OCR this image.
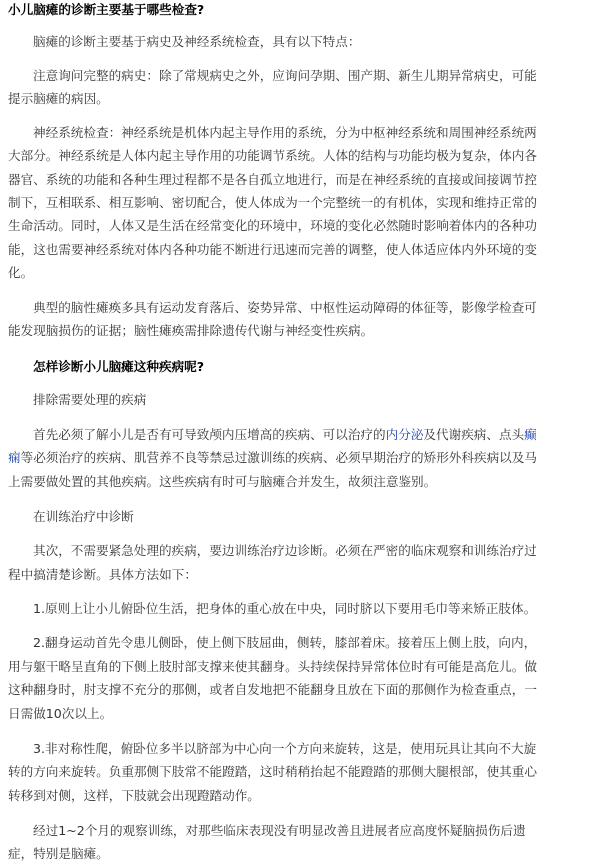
小儿脑瘫的诊断主要基于哪些检查?
脑瘫的诊断主要基于病史及神经系统检查，具有以下特点：
注意询问完整的病史：除了常规病史之外，应询问孕期、围产期、新生儿期异常病史，可能
提示脑瘫的病因。
神经系统检查：神经系统是机体内起主导作用的系统，分为中枢神经系统和周围神经系统两
大部分。神经系统是人体内起主导作用的功能调节系统。人体的结构与功能均极为复杂，体内各
器官、系统的功能和各种生理过程都不是各自孤立地进行，而是在神经系统的直接或间接调节控
制下，互相联系、相互影响、密切配合，使人体成为一个完整统一的有机体，实现和维持正常的
生命活动。同时，人体又是生活在经常变化的环境中，环境的变化必然随时影响着体内的各种功
能，这也需要神经系统对体内各种功能不断进行迅速而完善的调整，使人体适应体内外环境的变
化。
典型的脑性瘫痪多具有运动发育落后、姿势异常、中枢性运动障碍的体征等，影像学检查可
能发现脑损伤的证据；脑性瘫痪需排除遗传代谢与神经变性疾病。
怎样诊断小儿脑瘫这种疾病呢?
排除需要处理的疾病
首先必须了解小儿是否有可导致颅内压增高的疾病、可以治疗的内分泌及代谢疾病、点头癫
痫等必须治疗的疾病、肌营养不良等禁忌过激训练的疾病、必须早期治疗的矫形外科疾病以及马
上需要做处置的其他疾病。这些疾病有时可与脑瘫合并发生，故须注意鉴别。
在训练治疗中诊断
其次，不需要紧急处理的疾病，要边训练治疗边诊断。必须在严密的临床观察和训练治疗过
程中搞清楚诊断。具体方法如下：
1.原则上让小儿俯卧位生活，把身体的重心放在中央，同时脐以下要用毛巾等来矫正肢体。
2.翻身运动首先令患儿侧卧，使上侧下肢屈曲，侧转，膝部着床。接着压上侧上肢，向内，
用与躯干略呈直角的下侧上肢肘部支撑来使其翻身。头持续保持异常体位时有可能是高危儿。做
这种翻身时，肘支撑不充分的那侧，或者自发地把不能翻身且放在下面的那侧作为检查重点，一
日需做10次以上。
3.非对称性爬，俯卧位多半以脐部为中心向一个方向来旋转，这是，使用玩具让其向不大旋
转的方向来旋转。负重那侧下肢常不能蹬踏，这时稍稍抬起不能蹬踏的那侧大腿根部，使其重心
转移到对侧，这样，下肢就会出现蹬踏动作。
经过1~2个月的观察训练，对那些临床表现没有明显改善且进展者应高度怀疑脑损伤后遗
症，特别是脑瘫。
